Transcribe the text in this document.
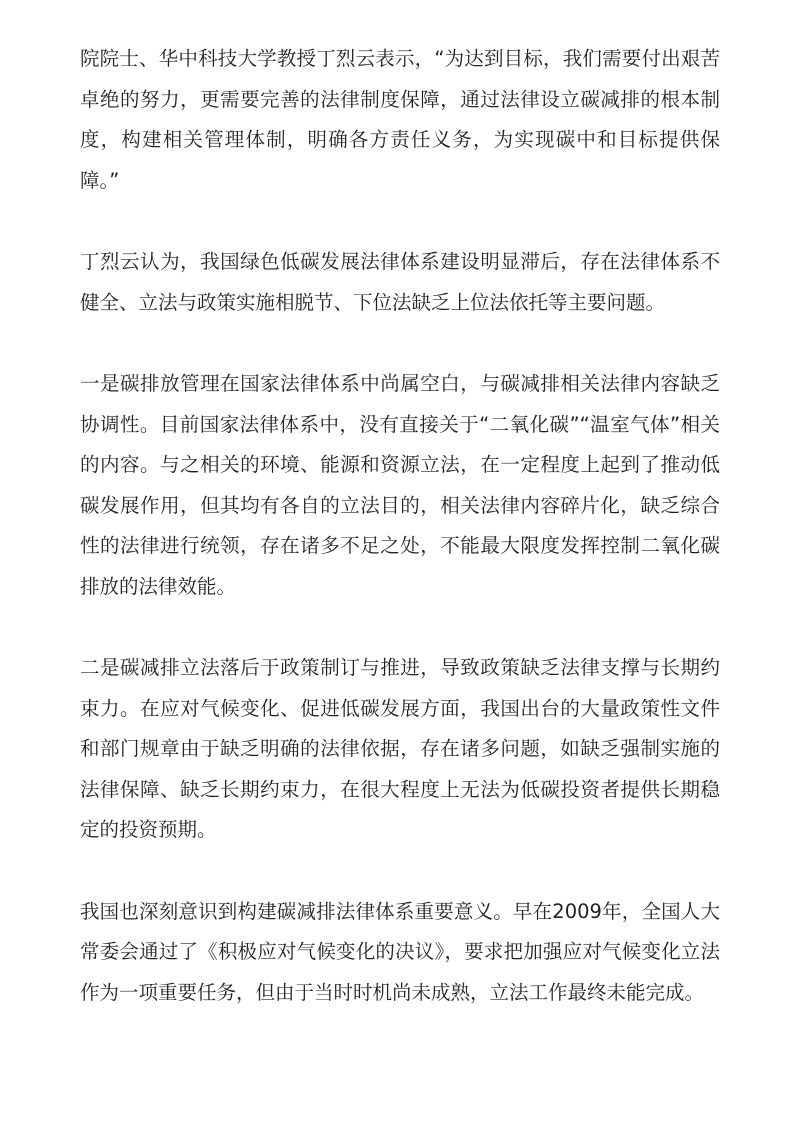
院院士、华中科技大学教授丁烈云表示，“为达到目标，我们需要付出艰苦卓绝的努力，更需要完善的法律制度保障，通过法律设立碳减排的根本制度，构建相关管理体制，明确各方责任义务，为实现碳中和目标提供保障。”

丁烈云认为，我国绿色低碳发展法律体系建设明显滞后，存在法律体系不健全、立法与政策实施相脱节、下位法缺乏上位法依托等主要问题。

一是碳排放管理在国家法律体系中尚属空白，与碳减排相关法律内容缺乏协调性。目前国家法律体系中，没有直接关于“二氧化碳”“温室气体”相关的内容。与之相关的环境、能源和资源立法，在一定程度上起到了推动低碳发展作用，但其均有各自的立法目的，相关法律内容碎片化，缺乏综合性的法律进行统领，存在诸多不足之处，不能最大限度发挥控制二氧化碳排放的法律效能。

二是碳减排立法落后于政策制订与推进，导致政策缺乏法律支撑与长期约束力。在应对气候变化、促进低碳发展方面，我国出台的大量政策性文件和部门规章由于缺乏明确的法律依据，存在诸多问题，如缺乏强制实施的法律保障、缺乏长期约束力，在很大程度上无法为低碳投资者提供长期稳定的投资预期。

我国也深刻意识到构建碳减排法律体系重要意义。早在2009年，全国人大常委会通过了《积极应对气候变化的决议》，要求把加强应对气候变化立法作为一项重要任务，但由于当时时机尚未成熟，立法工作最终未能完成。
